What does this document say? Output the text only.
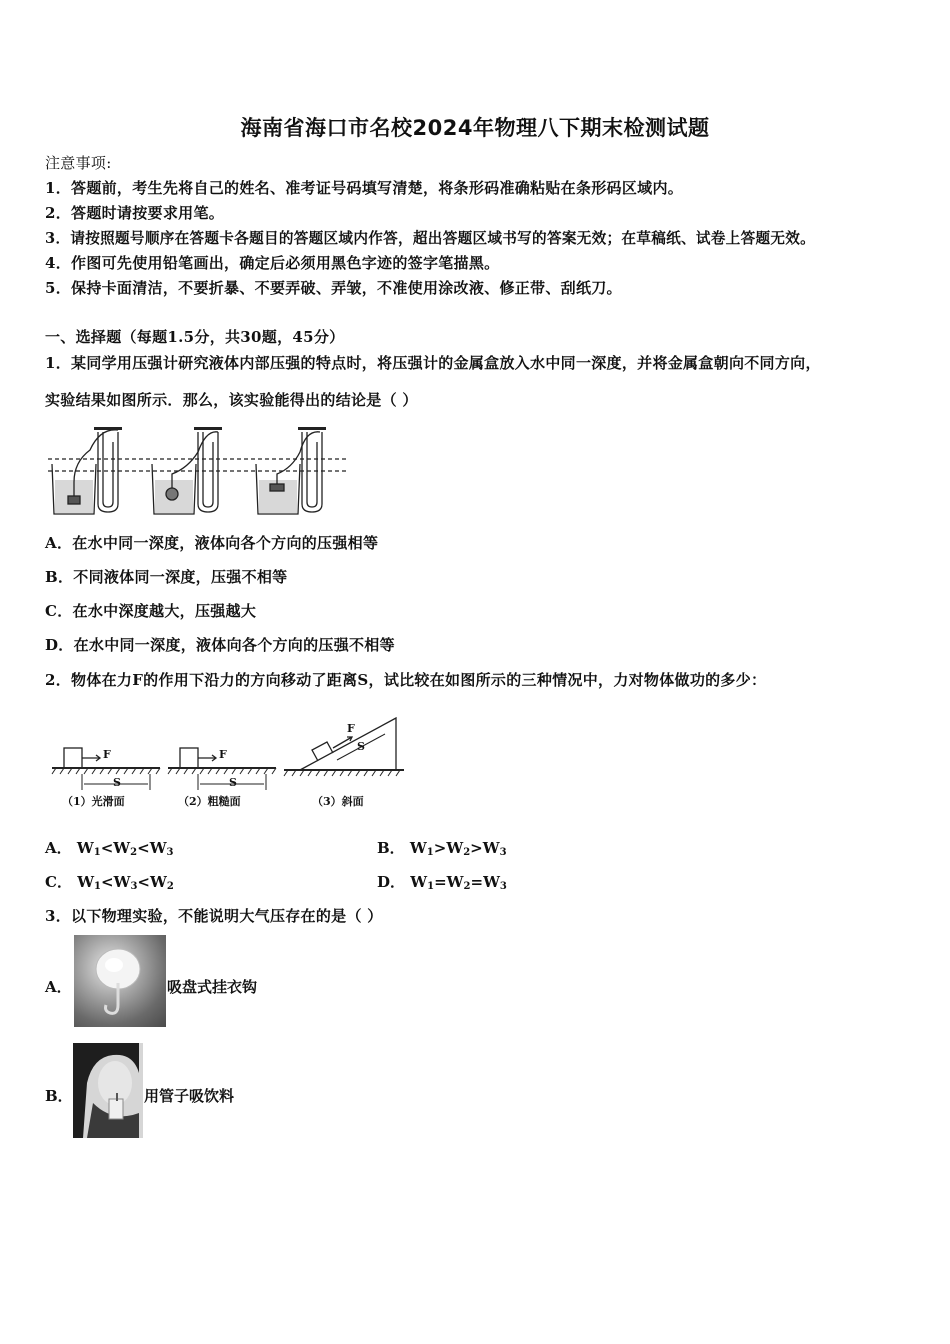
海南省海口市名校2024年物理八下期末检测试题
注意事项:
1．答题前，考生先将自己的姓名、准考证号码填写清楚，将条形码准确粘贴在条形码区域内。
2．答题时请按要求用笔。
3．请按照题号顺序在答题卡各题目的答题区域内作答，超出答题区域书写的答案无效；在草稿纸、试卷上答题无效。
4．作图可先使用铅笔画出，确定后必须用黑色字迹的签字笔描黑。
5．保持卡面清洁，不要折暴、不要弄破、弄皱，不准使用涂改液、修正带、刮纸刀。
一、选择题（每题1.5分，共30题，45分）
1．某同学用压强计研究液体内部压强的特点时，将压强计的金属盒放入水中同一深度，并将金属盒朝向不同方向，
实验结果如图所示．那么，该实验能得出的结论是（ ）
A．在水中同一深度，液体向各个方向的压强相等
B．不同液体同一深度，压强不相等
C．在水中深度越大，压强越大
D．在水中同一深度，液体向各个方向的压强不相等
2．物体在力F的作用下沿力的方向移动了距离S，试比较在如图所示的三种情况中，力对物体做功的多少：
F	F
F
S	S
S
（1）光滑面	（2）粗糙面	（3）斜面
A． $W_1<W_2<W_3$	B． $W_1>W_2>W_3$
C． $W_1<W_3<W_2$	D． $W_1=W_2=W_3$
3．以下物理实验，不能说明大气压存在的是（ ）
A．	吸盘式挂衣钩
B．	用管子吸饮料
